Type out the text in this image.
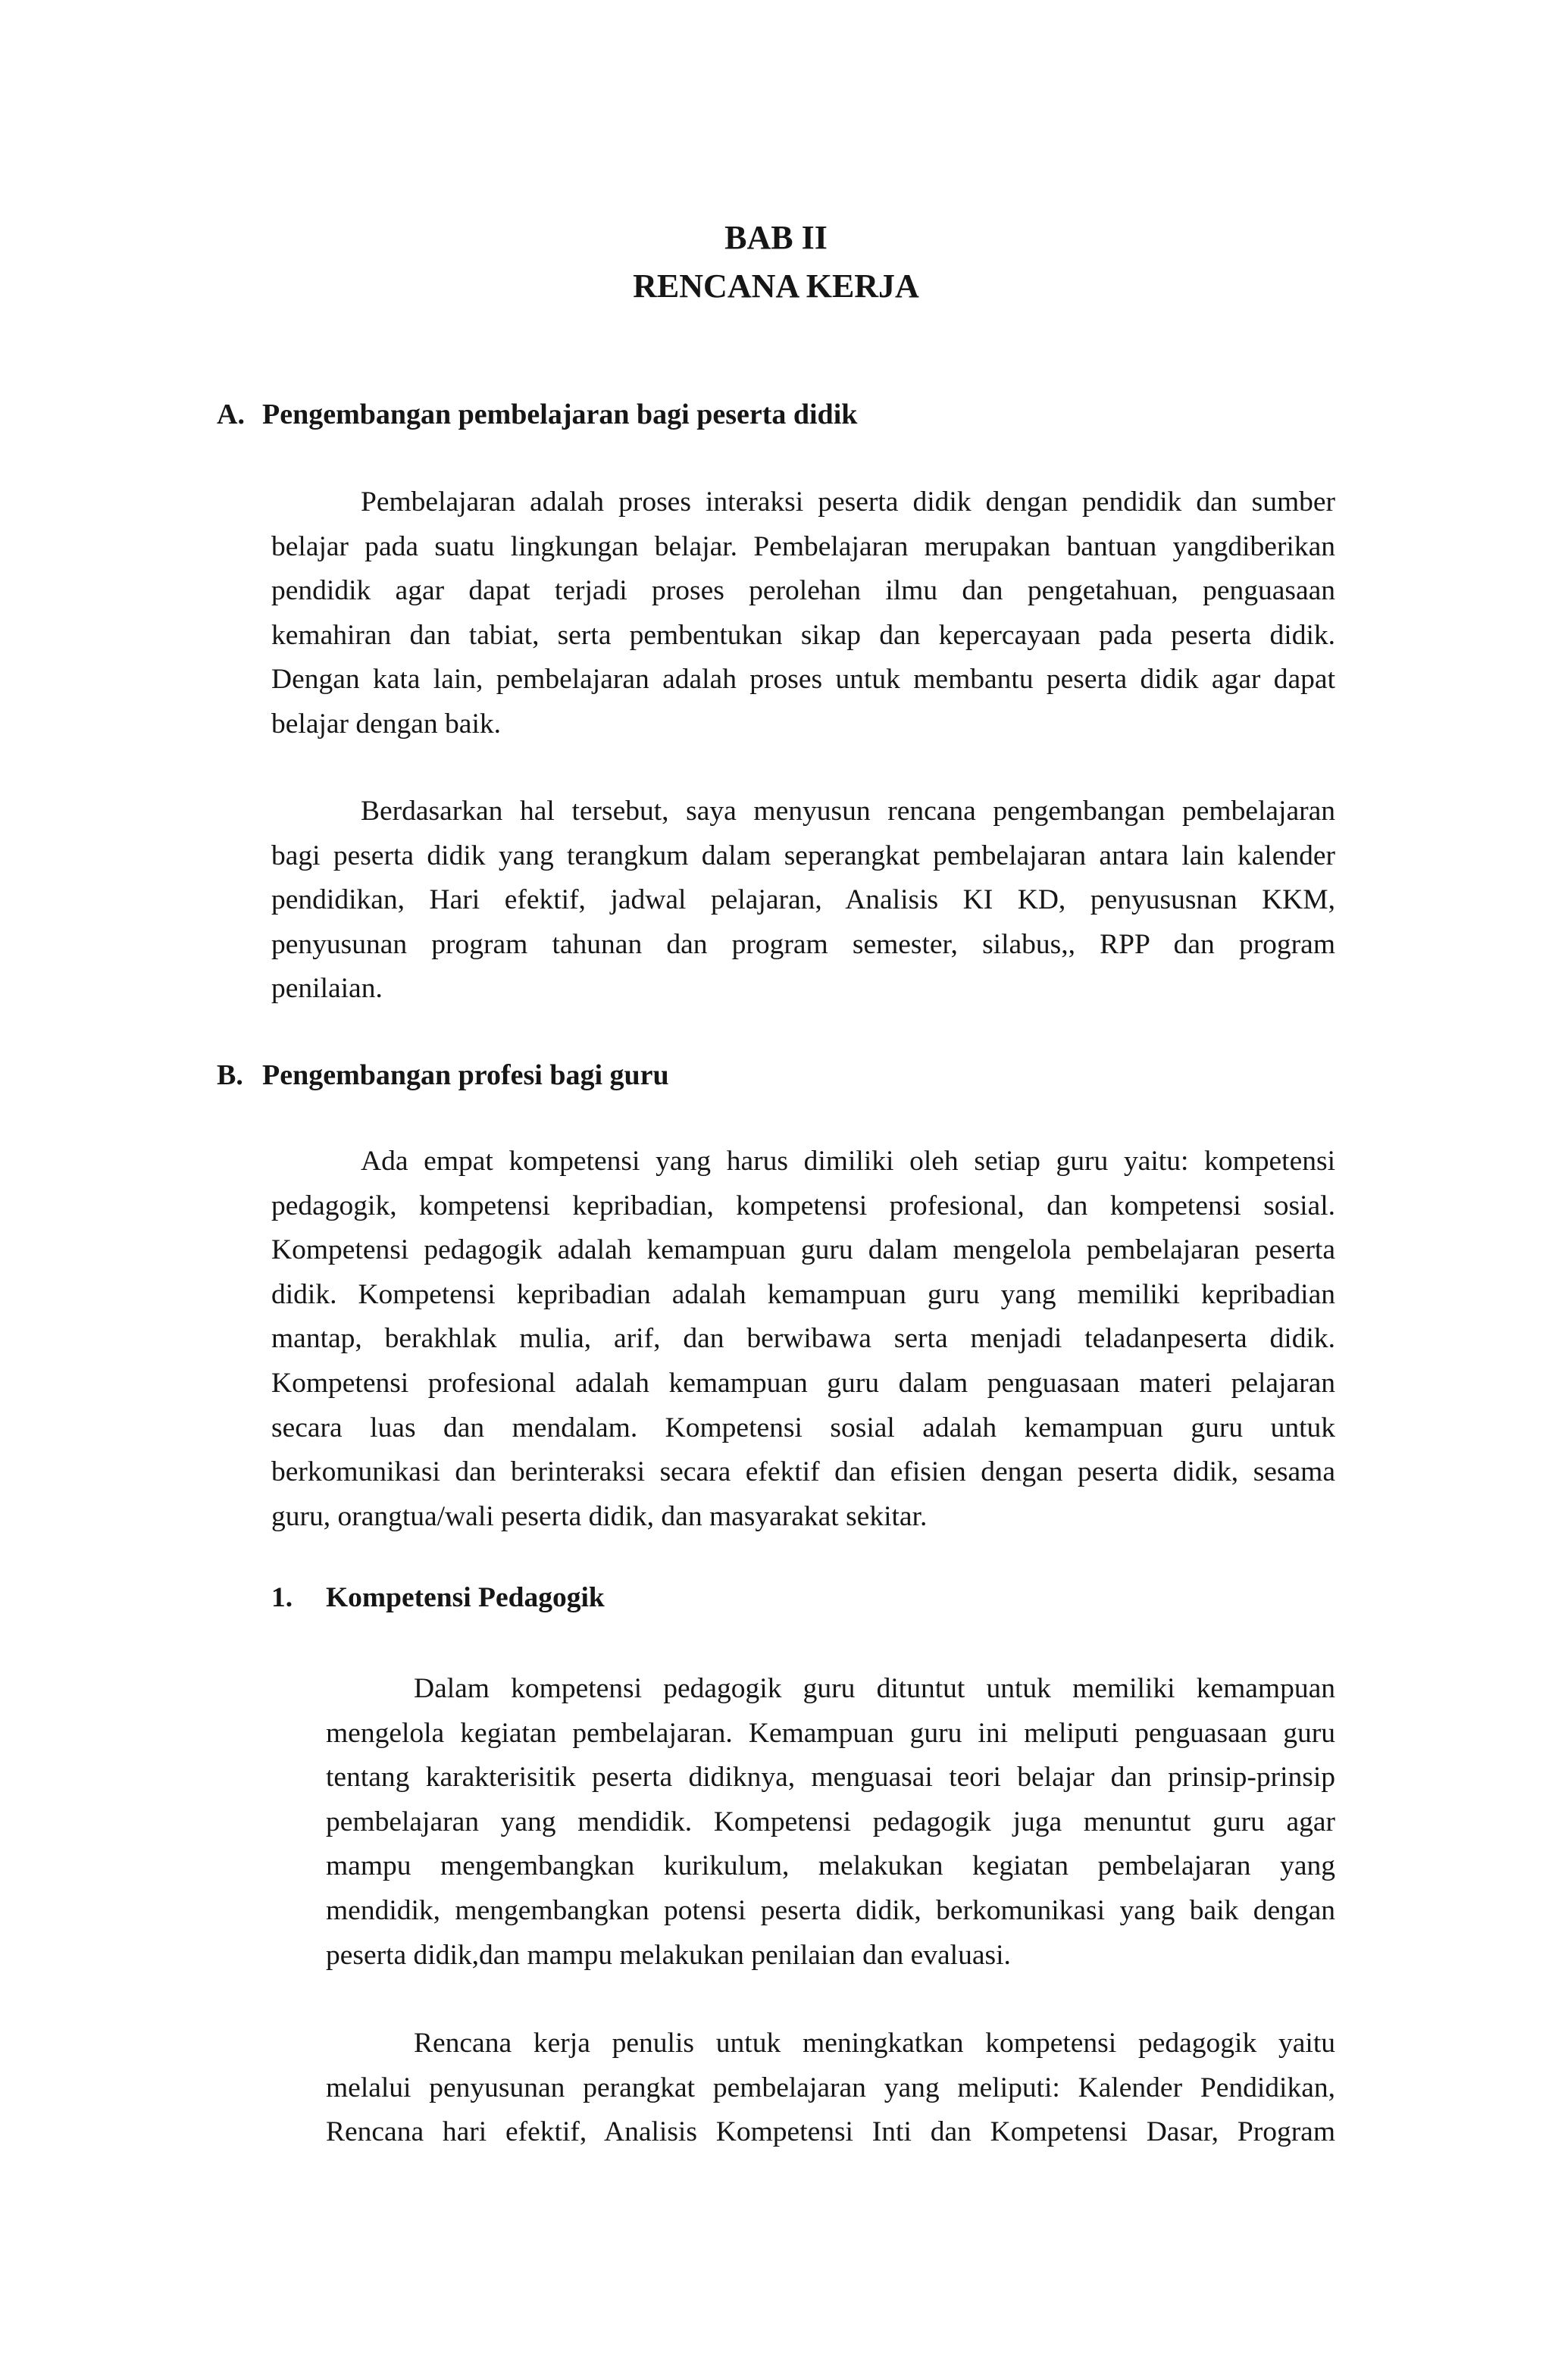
BAB II
RENCANA KERJA
A. Pengembangan pembelajaran bagi peserta didik

Pembelajaran adalah proses interaksi peserta didik dengan pendidik dan sumber
belajar pada suatu lingkungan belajar. Pembelajaran merupakan bantuan yangdiberikan
pendidik agar dapat terjadi proses perolehan ilmu dan pengetahuan, penguasaan
kemahiran dan tabiat, serta pembentukan sikap dan kepercayaan pada peserta didik.
Dengan kata lain, pembelajaran adalah proses untuk membantu peserta didik agar dapat
belajar dengan baik.

Berdasarkan hal tersebut, saya menyusun rencana pengembangan pembelajaran
bagi peserta didik yang terangkum dalam seperangkat pembelajaran antara lain kalender
pendidikan, Hari efektif, jadwal pelajaran, Analisis KI KD, penyususnan KKM,
penyusunan program tahunan dan program semester, silabus,, RPP dan program
penilaian.

B. Pengembangan profesi bagi guru

Ada empat kompetensi yang harus dimiliki oleh setiap guru yaitu: kompetensi
pedagogik, kompetensi kepribadian, kompetensi profesional, dan kompetensi sosial.
Kompetensi pedagogik adalah kemampuan guru dalam mengelola pembelajaran peserta
didik. Kompetensi kepribadian adalah kemampuan guru yang memiliki kepribadian
mantap, berakhlak mulia, arif, dan berwibawa serta menjadi teladanpeserta didik.
Kompetensi profesional adalah kemampuan guru dalam penguasaan materi pelajaran
secara luas dan mendalam. Kompetensi sosial adalah kemampuan guru untuk
berkomunikasi dan berinteraksi secara efektif dan efisien dengan peserta didik, sesama
guru, orangtua/wali peserta didik, dan masyarakat sekitar.

1. Kompetensi Pedagogik

Dalam kompetensi pedagogik guru dituntut untuk memiliki kemampuan
mengelola kegiatan pembelajaran. Kemampuan guru ini meliputi penguasaan guru
tentang karakterisitik peserta didiknya, menguasai teori belajar dan prinsip-prinsip
pembelajaran yang mendidik. Kompetensi pedagogik juga menuntut guru agar
mampu mengembangkan kurikulum, melakukan kegiatan pembelajaran yang
mendidik, mengembangkan potensi peserta didik, berkomunikasi yang baik dengan
peserta didik,dan mampu melakukan penilaian dan evaluasi.

Rencana kerja penulis untuk meningkatkan kompetensi pedagogik yaitu
melalui penyusunan perangkat pembelajaran yang meliputi: Kalender Pendidikan,
Rencana hari efektif, Analisis Kompetensi Inti dan Kompetensi Dasar, Program
